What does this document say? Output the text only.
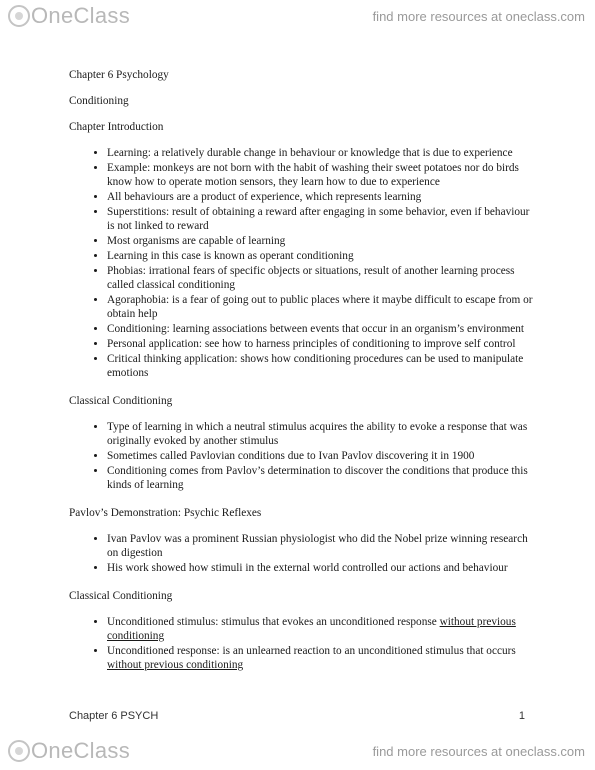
OneClass	find more resources at oneclass.com
Chapter 6 Psychology
Conditioning
Chapter Introduction
• Learning: a relatively durable change in behaviour or knowledge that is due to experience
• Example: monkeys are not born with the habit of washing their sweet potatoes nor do birds know how to operate motion sensors, they learn how to due to experience
• All behaviours are a product of experience, which represents learning
• Superstitions: result of obtaining a reward after engaging in some behavior, even if behaviour is not linked to reward
• Most organisms are capable of learning
• Learning in this case is known as operant conditioning
• Phobias: irrational fears of specific objects or situations, result of another learning process called classical conditioning
• Agoraphobia: is a fear of going out to public places where it maybe difficult to escape from or obtain help
• Conditioning: learning associations between events that occur in an organism’s environment
• Personal application: see how to harness principles of conditioning to improve self control
• Critical thinking application: shows how conditioning procedures can be used to manipulate emotions
Classical Conditioning
• Type of learning in which a neutral stimulus acquires the ability to evoke a response that was originally evoked by another stimulus
• Sometimes called Pavlovian conditions due to Ivan Pavlov discovering it in 1900
• Conditioning comes from Pavlov’s determination to discover the conditions that produce this kinds of learning
Pavlov’s Demonstration: Psychic Reflexes
• Ivan Pavlov was a prominent Russian physiologist who did the Nobel prize winning research on digestion
• His work showed how stimuli in the external world controlled our actions and behaviour
Classical Conditioning
• Unconditioned stimulus: stimulus that evokes an unconditioned response without previous conditioning
• Unconditioned response: is an unlearned reaction to an unconditioned stimulus that occurs without previous conditioning
Chapter 6 PSYCH	1
OneClass	find more resources at oneclass.com
